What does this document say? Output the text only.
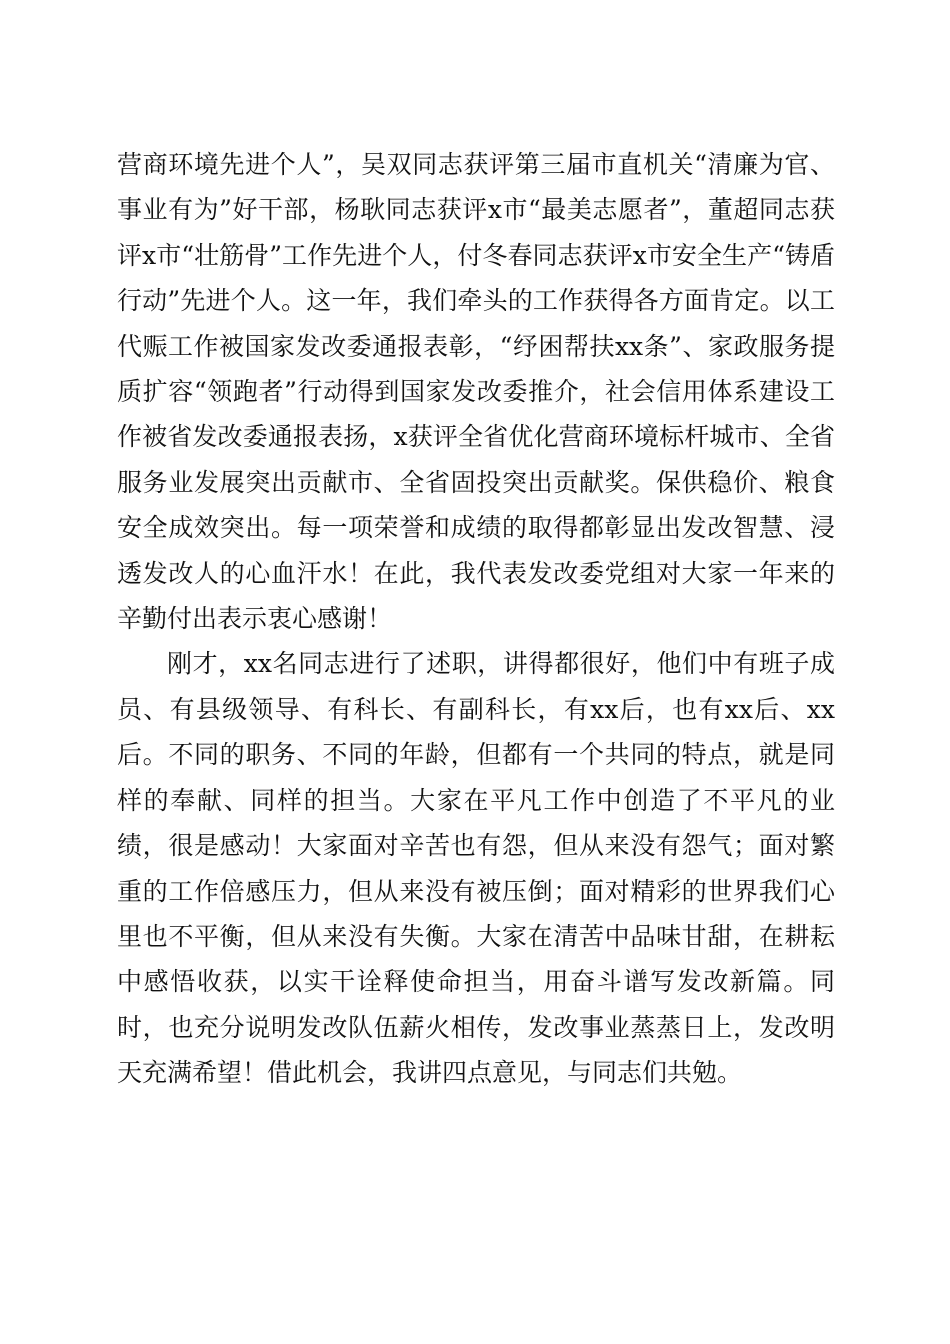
营商环境先进个人”，吴双同志获评第三届市直机关“清廉为官、事业有为”好干部，杨耿同志获评x市“最美志愿者”，董超同志获评x市“壮筋骨”工作先进个人，付冬春同志获评x市安全生产“铸盾行动”先进个人。这一年，我们牵头的工作获得各方面肯定。以工代赈工作被国家发改委通报表彰，“纾困帮扶xx条”、家政服务提质扩容“领跑者”行动得到国家发改委推介，社会信用体系建设工作被省发改委通报表扬，x获评全省优化营商环境标杆城市、全省服务业发展突出贡献市、全省固投突出贡献奖。保供稳价、粮食安全成效突出。每一项荣誉和成绩的取得都彰显出发改智慧、浸透发改人的心血汗水！在此，我代表发改委党组对大家一年来的辛勤付出表示衷心感谢！

刚才，xx名同志进行了述职，讲得都很好，他们中有班子成员、有县级领导、有科长、有副科长，有xx后，也有xx后、xx后。不同的职务、不同的年龄，但都有一个共同的特点，就是同样的奉献、同样的担当。大家在平凡工作中创造了不平凡的业绩，很是感动！大家面对辛苦也有怨，但从来没有怨气；面对繁重的工作倍感压力，但从来没有被压倒；面对精彩的世界我们心里也不平衡，但从来没有失衡。大家在清苦中品味甘甜，在耕耘中感悟收获，以实干诠释使命担当，用奋斗谱写发改新篇。同时，也充分说明发改队伍薪火相传，发改事业蒸蒸日上，发改明天充满希望！借此机会，我讲四点意见，与同志们共勉。
